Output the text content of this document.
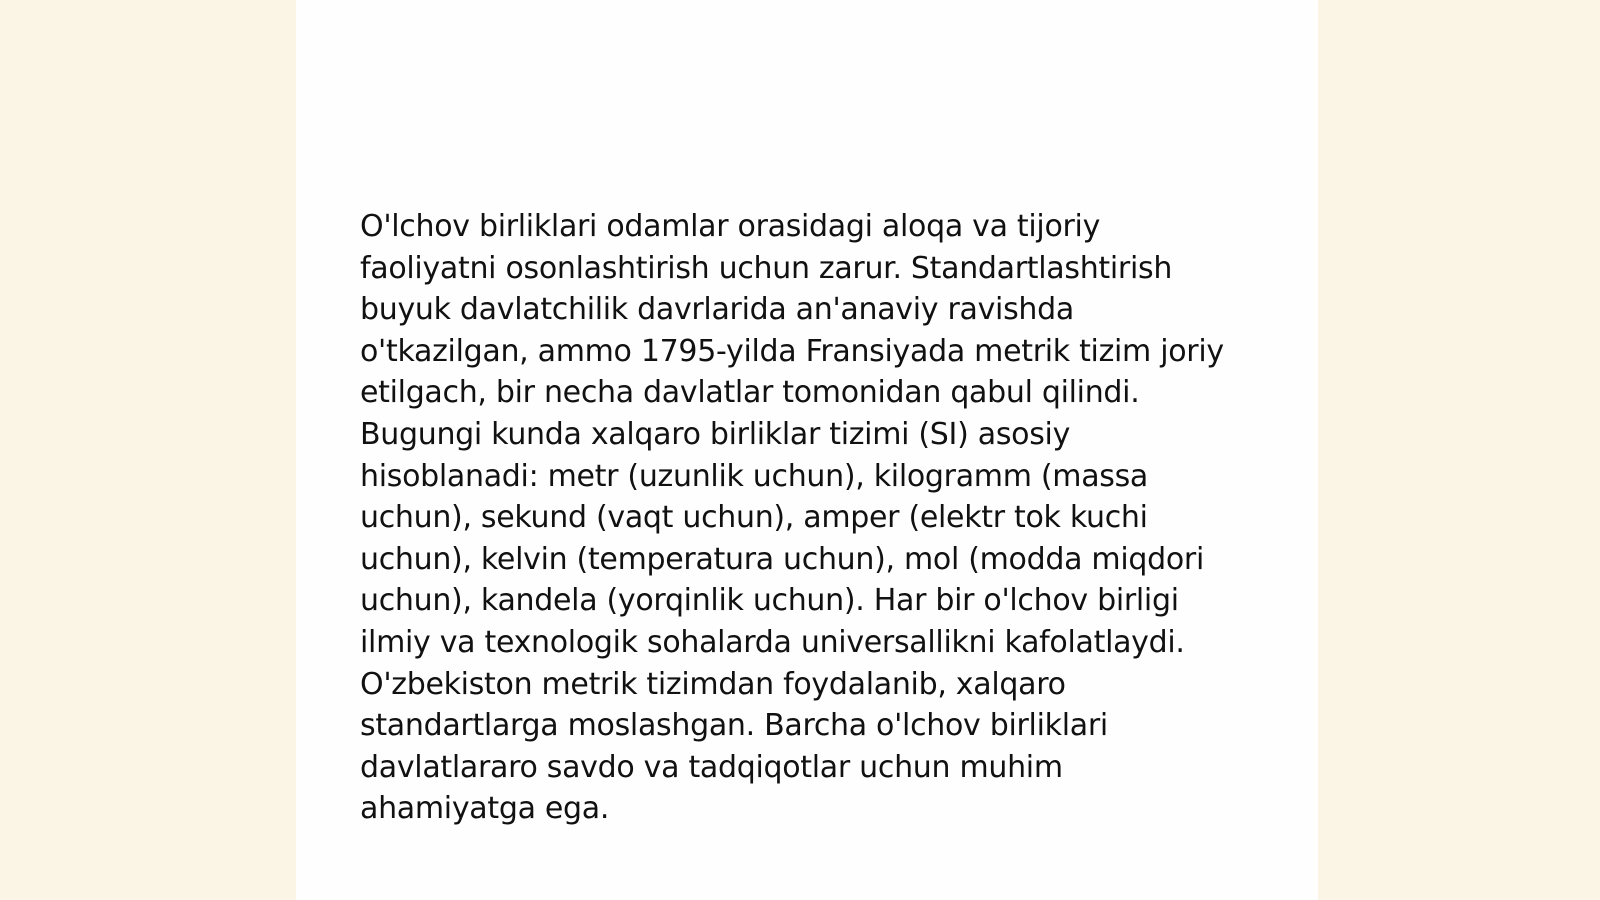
O'lchov birliklari odamlar orasidagi aloqa va tijoriy faoliyatni osonlashtirish uchun zarur. Standartlashtirish buyuk davlatchilik davrlarida an'anaviy ravishda o'tkazilgan, ammo 1795-yilda Fransiyada metrik tizim joriy etilgach, bir necha davlatlar tomonidan qabul qilindi. Bugungi kunda xalqaro birliklar tizimi (SI) asosiy hisoblanadi: metr (uzunlik uchun), kilogramm (massa uchun), sekund (vaqt uchun), amper (elektr tok kuchi uchun), kelvin (temperatura uchun), mol (modda miqdori uchun), kandela (yorqinlik uchun). Har bir o'lchov birligi ilmiy va texnologik sohalarda universallikni kafolatlaydi. O'zbekiston metrik tizimdan foydalanib, xalqaro standartlarga moslashgan. Barcha o'lchov birliklari davlatlararo savdo va tadqiqotlar uchun muhim ahamiyatga ega.
